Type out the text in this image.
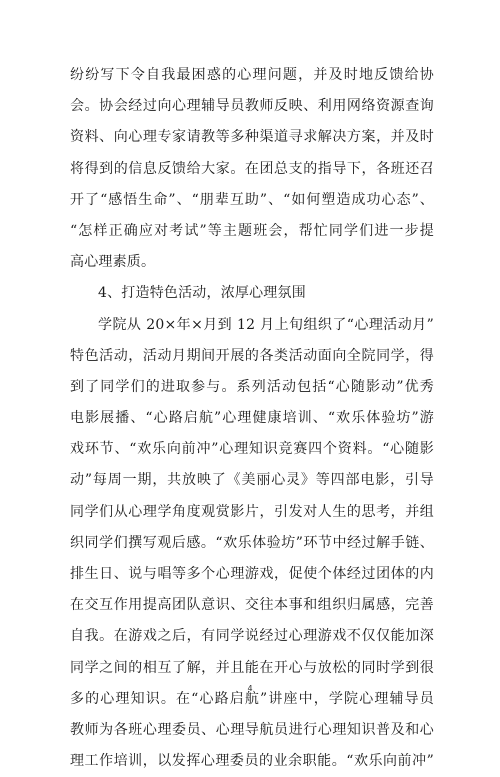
纷纷写下令自我最困惑的心理问题，并及时地反馈给协
会。协会经过向心理辅导员教师反映、利用网络资源查询
资料、向心理专家请教等多种渠道寻求解决方案，并及时
将得到的信息反馈给大家。在团总支的指导下，各班还召
开了“感悟生命”、“朋辈互助”、“如何塑造成功心态”、
“怎样正确应对考试”等主题班会，帮忙同学们进一步提
高心理素质。
4、打造特色活动，浓厚心理氛围
学院从 20×年×月到 12 月上旬组织了“心理活动月”
特色活动，活动月期间开展的各类活动面向全院同学，得
到了同学们的进取参与。系列活动包括“心随影动”优秀
电影展播、“心路启航”心理健康培训、“欢乐体验坊”游
戏环节、“欢乐向前冲”心理知识竞赛四个资料。“心随影
动”每周一期，共放映了《美丽心灵》等四部电影，引导
同学们从心理学角度观赏影片，引发对人生的思考，并组
织同学们撰写观后感。“欢乐体验坊”环节中经过解手链、
排生日、说与唱等多个心理游戏，促使个体经过团体的内
在交互作用提高团队意识、交往本事和组织归属感，完善
自我。在游戏之后，有同学说经过心理游戏不仅仅能加深
同学之间的相互了解，并且能在开心与放松的同时学到很
多的心理知识。在“心路启航”讲座中，学院心理辅导员
教师为各班心理委员、心理导航员进行心理知识普及和心
理工作培训，以发挥心理委员的业余职能。“欢乐向前冲”
4
